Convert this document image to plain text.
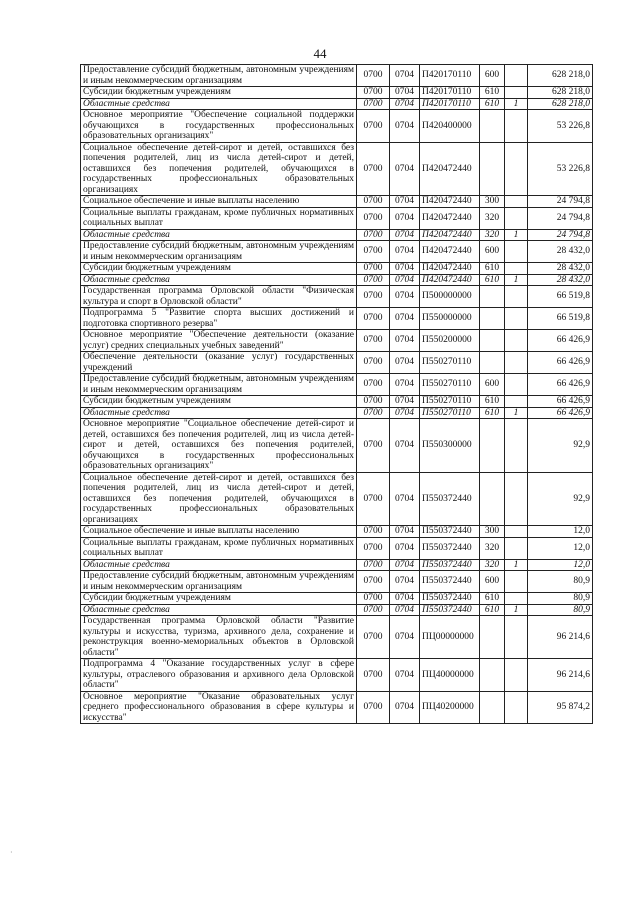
44
Предоставление субсидий бюджетным, автономным учреждениям и иным некоммерческим организациям	0700	0704	П420170110	600		628 218,0
Субсидии бюджетным учреждениям	0700	0704	П420170110	610		628 218,0
Областные средства	0700	0704	П420170110	610	1	628 218,0
Основное мероприятие "Обеспечение социальной поддержки обучающихся в государственных профессиональных образовательных организациях"	0700	0704	П420400000			53 226,8
Социальное обеспечение детей-сирот и детей, оставшихся без попечения родителей, лиц из числа детей-сирот и детей, оставшихся без попечения родителей, обучающихся в государственных профессиональных образовательных организациях	0700	0704	П420472440			53 226,8
Социальное обеспечение и иные выплаты населению	0700	0704	П420472440	300		24 794,8
Социальные выплаты гражданам, кроме публичных нормативных социальных выплат	0700	0704	П420472440	320		24 794,8
Областные средства	0700	0704	П420472440	320	1	24 794,8
Предоставление субсидий бюджетным, автономным учреждениям и иным некоммерческим организациям	0700	0704	П420472440	600		28 432,0
Субсидии бюджетным учреждениям	0700	0704	П420472440	610		28 432,0
Областные средства	0700	0704	П420472440	610	1	28 432,0
Государственная программа Орловской области "Физическая культура и спорт в Орловской области"	0700	0704	П500000000			66 519,8
Подпрограмма 5 "Развитие спорта высших достижений и подготовка спортивного резерва"	0700	0704	П550000000			66 519,8
Основное мероприятие "Обеспечение деятельности (оказание услуг) средних специальных учебных заведений"	0700	0704	П550200000			66 426,9
Обеспечение деятельности (оказание услуг) государственных учреждений	0700	0704	П550270110			66 426,9
Предоставление субсидий бюджетным, автономным учреждениям и иным некоммерческим организациям	0700	0704	П550270110	600		66 426,9
Субсидии бюджетным учреждениям	0700	0704	П550270110	610		66 426,9
Областные средства	0700	0704	П550270110	610	1	66 426,9
Основное мероприятие "Социальное обеспечение детей-сирот и детей, оставшихся без попечения родителей, лиц из числа детей-сирот и детей, оставшихся без попечения родителей, обучающихся в государственных профессиональных образовательных организациях"	0700	0704	П550300000			92,9
Социальное обеспечение детей-сирот и детей, оставшихся без попечения родителей, лиц из числа детей-сирот и детей, оставшихся без попечения родителей, обучающихся в государственных профессиональных образовательных организациях	0700	0704	П550372440			92,9
Социальное обеспечение и иные выплаты населению	0700	0704	П550372440	300		12,0
Социальные выплаты гражданам, кроме публичных нормативных социальных выплат	0700	0704	П550372440	320		12,0
Областные средства	0700	0704	П550372440	320	1	12,0
Предоставление субсидий бюджетным, автономным учреждениям и иным некоммерческим организациям	0700	0704	П550372440	600		80,9
Субсидии бюджетным учреждениям	0700	0704	П550372440	610		80,9
Областные средства	0700	0704	П550372440	610	1	80,9
Государственная программа Орловской области "Развитие культуры и искусства, туризма, архивного дела, сохранение и реконструкция военно-мемориальных объектов в Орловской области"	0700	0704	ПЦ00000000			96 214,6
Подпрограмма 4 "Оказание государственных услуг в сфере культуры, отраслевого образования и архивного дела Орловской области"	0700	0704	ПЦ40000000			96 214,6
Основное мероприятие "Оказание образовательных услуг среднего профессионального образования в сфере культуры и искусства"	0700	0704	ПЦ40200000			95 874,2
·
